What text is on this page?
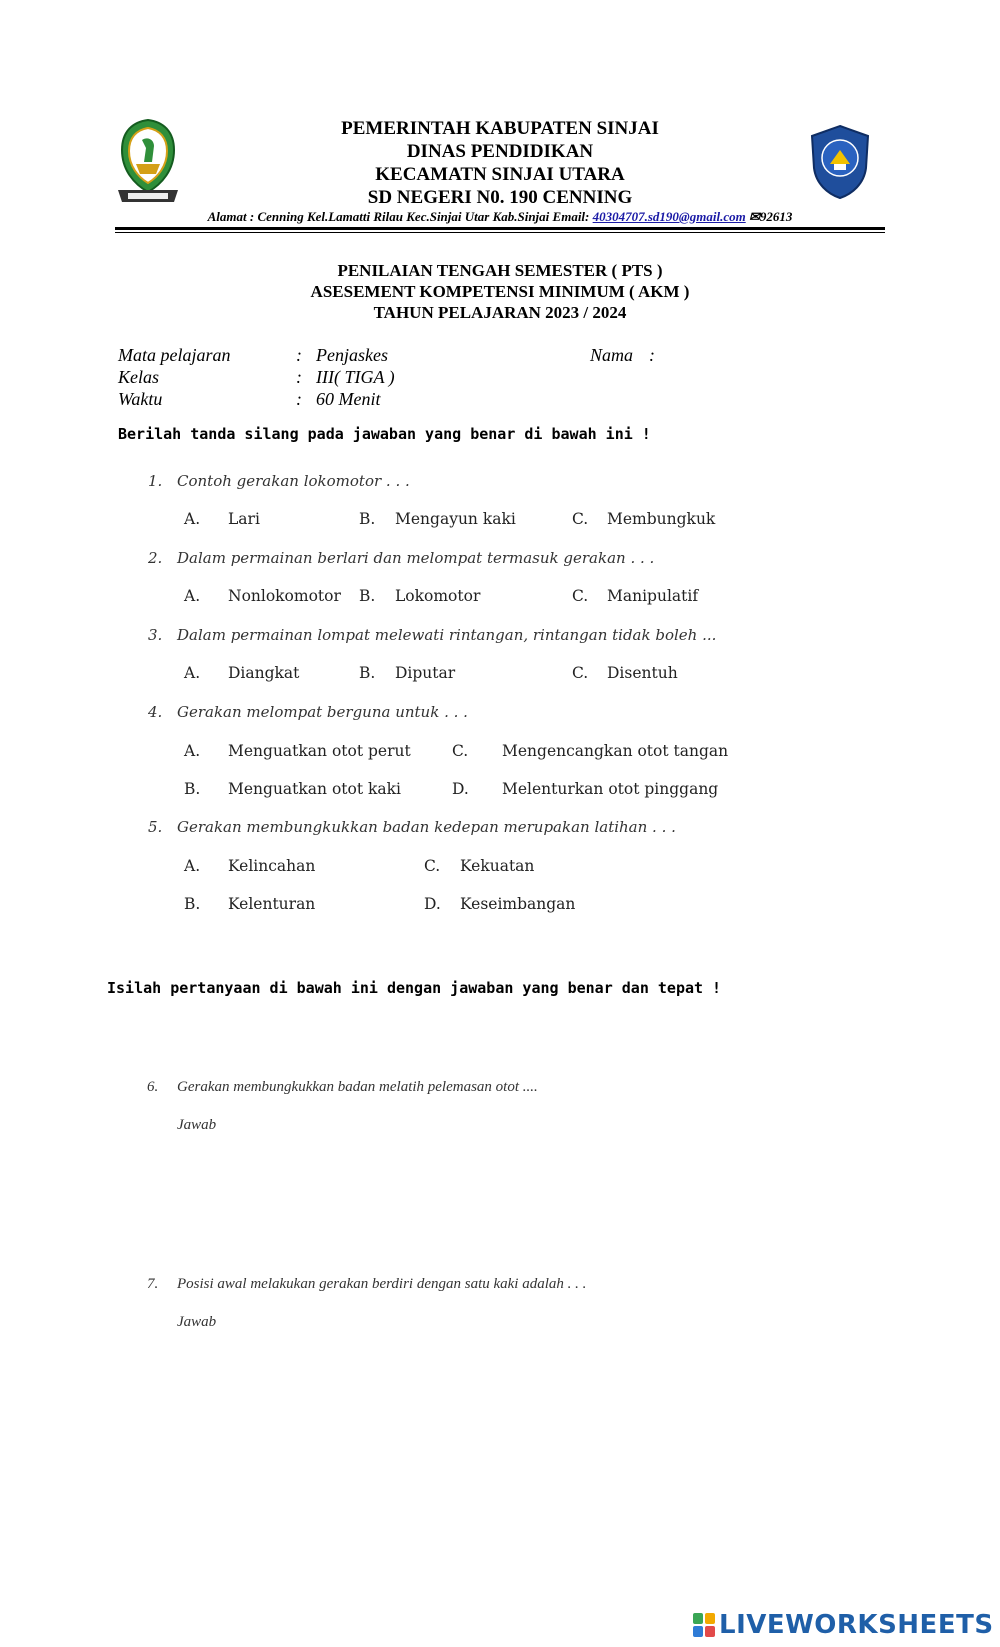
PEMERINTAH KABUPATEN SINJAI
DINAS PENDIDIKAN
KECAMATN SINJAI UTARA
SD NEGERI N0. 190 CENNING
Alamat : Cenning Kel.Lamatti Rilau Kec.Sinjai Utar Kab.Sinjai Email: 40304707.sd190@gmail.com ✉92613
PENILAIAN TENGAH SEMESTER ( PTS )
ASESEMENT KOMPETENSI MINIMUM ( AKM )
TAHUN PELAJARAN 2023 / 2024
Mata pelajaran	: Penjaskes	Nama :
Kelas	: III( TIGA )
Waktu	: 60 Menit
Berilah tanda silang pada jawaban yang benar di bawah ini !
1. Contoh gerakan lokomotor . . .
A. Lari	B. Mengayun kaki	C. Membungkuk
2. Dalam permainan berlari dan melompat termasuk gerakan . . .
A. Nonlokomotor B. Lokomotor	C. Manipulatif
3. Dalam permainan lompat melewati rintangan, rintangan tidak boleh ...
A. Diangkat	B. Diputar	C. Disentuh
4. Gerakan melompat berguna untuk . . .
A. Menguatkan otot perut	C. Mengencangkan otot tangan
B. Menguatkan otot kaki	D. Melenturkan otot pinggang
5. Gerakan membungkukkan badan kedepan merupakan latihan . . .
A. Kelincahan	C. Kekuatan
B. Kelenturan	D. Keseimbangan
Isilah pertanyaan di bawah ini dengan jawaban yang benar dan tepat !
6. Gerakan membungkukkan badan melatih pelemasan otot ....
Jawab
7. Posisi awal melakukan gerakan berdiri dengan satu kaki adalah . . .
Jawab
LIVEWORKSHEETS
